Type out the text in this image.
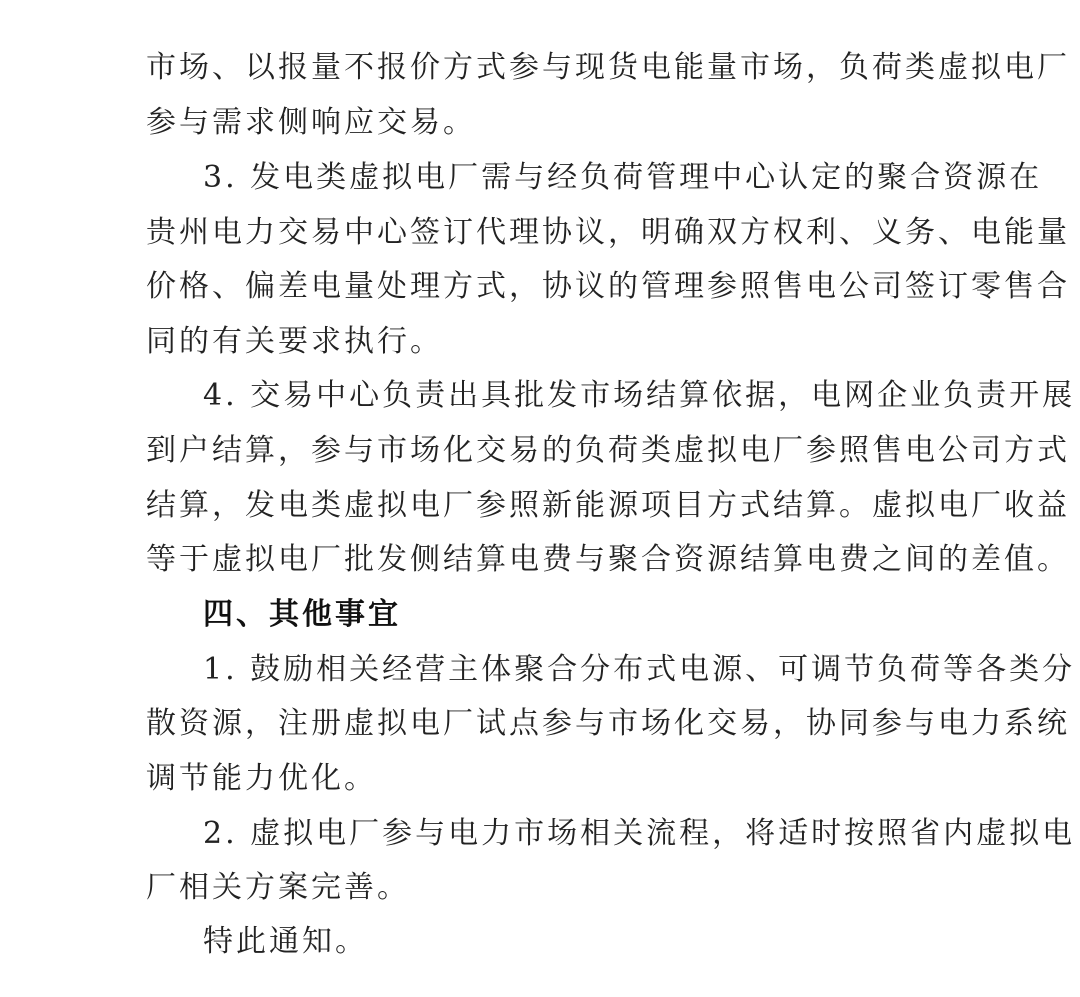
市场、以报量不报价方式参与现货电能量市场，负荷类虚拟电厂
参与需求侧响应交易。
3. 发电类虚拟电厂需与经负荷管理中心认定的聚合资源在
贵州电力交易中心签订代理协议，明确双方权利、义务、电能量
价格、偏差电量处理方式，协议的管理参照售电公司签订零售合
同的有关要求执行。
4. 交易中心负责出具批发市场结算依据，电网企业负责开展
到户结算，参与市场化交易的负荷类虚拟电厂参照售电公司方式
结算，发电类虚拟电厂参照新能源项目方式结算。虚拟电厂收益
等于虚拟电厂批发侧结算电费与聚合资源结算电费之间的差值。
四、其他事宜
1. 鼓励相关经营主体聚合分布式电源、可调节负荷等各类分
散资源，注册虚拟电厂试点参与市场化交易，协同参与电力系统
调节能力优化。
2. 虚拟电厂参与电力市场相关流程，将适时按照省内虚拟电
厂相关方案完善。
特此通知。
